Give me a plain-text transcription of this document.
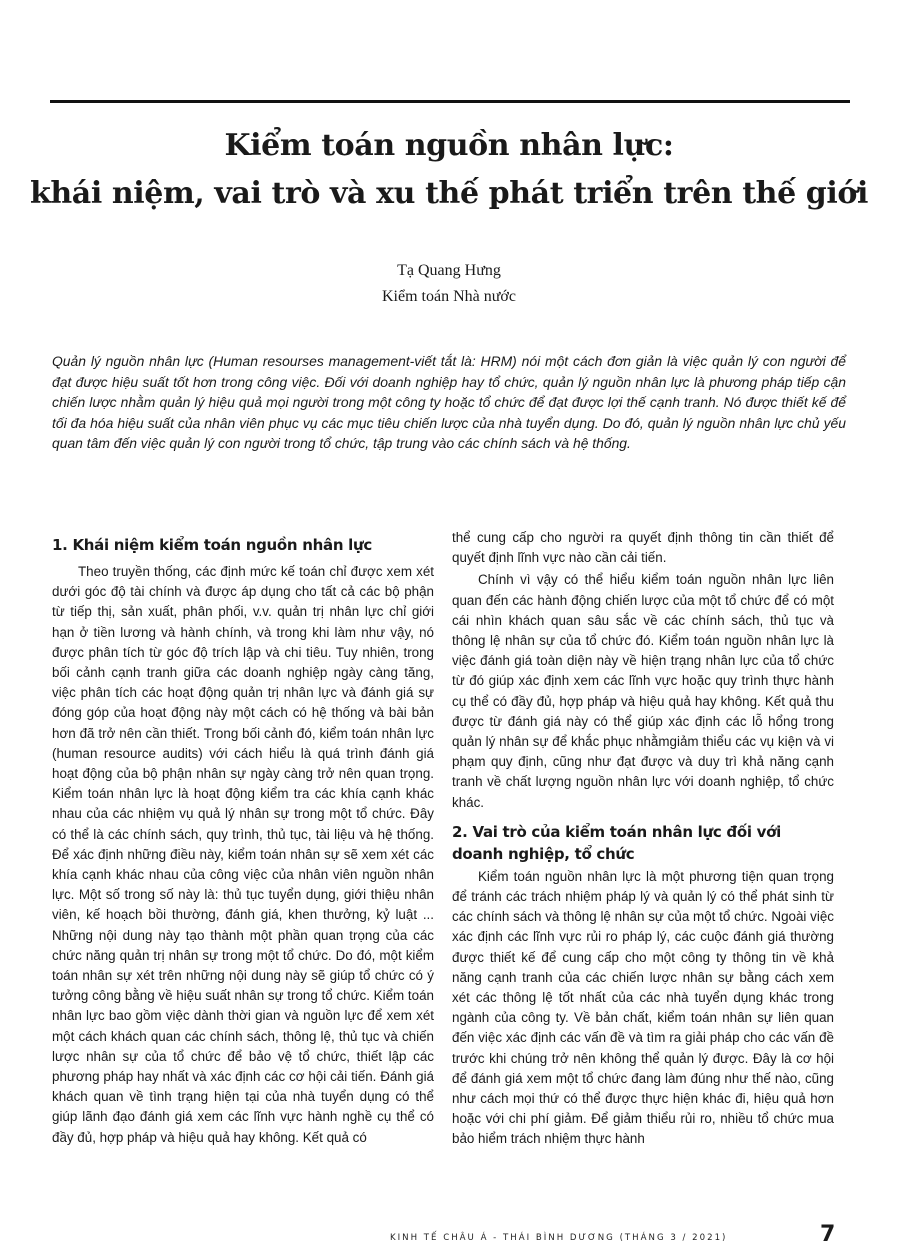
Kiểm toán nguồn nhân lực:
khái niệm, vai trò và xu thế phát triển trên thế giới
Tạ Quang Hưng
Kiểm toán Nhà nước

Quản lý nguồn nhân lực (Human resourses management-viết tắt là: HRM) nói một cách đơn giản là việc quản lý con người để đạt được hiệu suất tốt hơn trong công việc. Đối với doanh nghiệp hay tổ chức, quản lý nguồn nhân lực là phương pháp tiếp cận chiến lược nhằm quản lý hiệu quả mọi người trong một công ty hoặc tổ chức để đạt được lợi thế cạnh tranh. Nó được thiết kế để tối đa hóa hiệu suất của nhân viên phục vụ các mục tiêu chiến lược của nhà tuyển dụng. Do đó, quản lý nguồn nhân lực chủ yếu quan tâm đến việc quản lý con người trong tổ chức, tập trung vào các chính sách và hệ thống.

1. Khái niệm kiểm toán nguồn nhân lực

Theo truyền thống, các định mức kế toán chỉ được xem xét dưới góc độ tài chính và được áp dụng cho tất cả các bộ phận từ tiếp thị, sản xuất, phân phối, v.v. quản trị nhân lực chỉ giới hạn ở tiền lương và hành chính, và trong khi làm như vậy, nó được phân tích từ góc độ trích lập và chi tiêu. Tuy nhiên, trong bối cảnh cạnh tranh giữa các doanh nghiệp ngày càng tăng, việc phân tích các hoạt động quản trị nhân lực và đánh giá sự đóng góp của hoạt động này một cách có hệ thống và bài bản hơn đã trở nên cần thiết. Trong bối cảnh đó, kiểm toán nhân lực (human resource audits) với cách hiểu là quá trình đánh giá hoạt động của bộ phận nhân sự ngày càng trở nên quan trọng. Kiểm toán nhân lực là hoạt động kiểm tra các khía cạnh khác nhau của các nhiệm vụ quả lý nhân sự trong một tổ chức. Đây có thể là các chính sách, quy trình, thủ tục, tài liệu và hệ thống. Để xác định những điều này, kiểm toán nhân sự sẽ xem xét các khía cạnh khác nhau của công việc của nhân viên nguồn nhân lực. Một số trong số này là: thủ tục tuyển dụng, giới thiệu nhân viên, kế hoạch bồi thường, đánh giá, khen thưởng, kỷ luật ... Những nội dung này tạo thành một phần quan trọng của các chức năng quản trị nhân sự trong một tổ chức. Do đó, một kiểm toán nhân sự xét trên những nội dung này sẽ giúp tổ chức có ý tưởng công bằng về hiệu suất nhân sự trong tổ chức. Kiểm toán nhân lực bao gồm việc dành thời gian và nguồn lực để xem xét một cách khách quan các chính sách, thông lệ, thủ tục và chiến lược nhân sự của tổ chức để bảo vệ tổ chức, thiết lập các phương pháp hay nhất và xác định các cơ hội cải tiến. Đánh giá khách quan về tình trạng hiện tại của nhà tuyển dụng có thể giúp lãnh đạo đánh giá xem các lĩnh vực hành nghề cụ thể có đầy đủ, hợp pháp và hiệu quả hay không. Kết quả có

thể cung cấp cho người ra quyết định thông tin cần thiết để quyết định lĩnh vực nào cần cải tiến.

Chính vì vậy có thể hiểu kiểm toán nguồn nhân lực liên quan đến các hành động chiến lược của một tổ chức để có một cái nhìn khách quan sâu sắc về các chính sách, thủ tục và thông lệ nhân sự của tổ chức đó. Kiểm toán nguồn nhân lực là việc đánh giá toàn diện này về hiện trạng nhân lực của tổ chức từ đó giúp xác định xem các lĩnh vực hoặc quy trình thực hành cụ thể có đầy đủ, hợp pháp và hiệu quả hay không. Kết quả thu được từ đánh giá này có thể giúp xác định các lỗ hổng trong quản lý nhân sự để khắc phục nhằmgiảm thiểu các vụ kiện và vi phạm quy định, cũng như đạt được và duy trì khả năng cạnh tranh về chất lượng nguồn nhân lực với doanh nghiệp, tổ chức khác.

2. Vai trò của kiểm toán nhân lực đối với doanh nghiệp, tổ chức

Kiểm toán nguồn nhân lực là một phương tiện quan trọng để tránh các trách nhiệm pháp lý và quản lý có thể phát sinh từ các chính sách và thông lệ nhân sự của một tổ chức. Ngoài việc xác định các lĩnh vực rủi ro pháp lý, các cuộc đánh giá thường được thiết kế để cung cấp cho một công ty thông tin về khả năng cạnh tranh của các chiến lược nhân sự bằng cách xem xét các thông lệ tốt nhất của các nhà tuyển dụng khác trong ngành của công ty. Về bản chất, kiểm toán nhân sự liên quan đến việc xác định các vấn đề và tìm ra giải pháp cho các vấn đề trước khi chúng trở nên không thể quản lý được. Đây là cơ hội để đánh giá xem một tổ chức đang làm đúng như thế nào, cũng như cách mọi thứ có thể được thực hiện khác đi, hiệu quả hơn hoặc với chi phí giảm. Để giảm thiểu rủi ro, nhiều tổ chức mua bảo hiểm trách nhiệm thực hành

KINH TẾ CHÂU Á - THÁI BÌNH DƯƠNG (THÁNG 3 / 2021)	7
